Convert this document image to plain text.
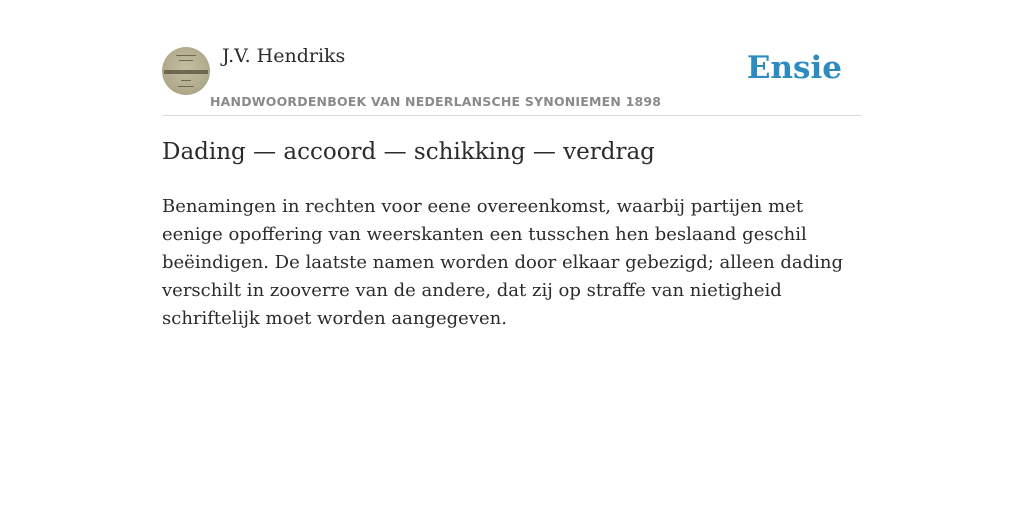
J.V. Hendriks
HANDWOORDENBOEK VAN NEDERLANSCHE SYNONIEMEN 1898
Ensie
Dading — accoord — schikking — verdrag

Benamingen in rechten voor eene overeenkomst, waarbij partijen met eenige opoffering van weerskanten een tusschen hen beslaand geschil beëindigen. De laatste namen worden door elkaar gebezigd; alleen dading verschilt in zooverre van de andere, dat zij op straffe van nietigheid schriftelijk moet worden aangegeven.
